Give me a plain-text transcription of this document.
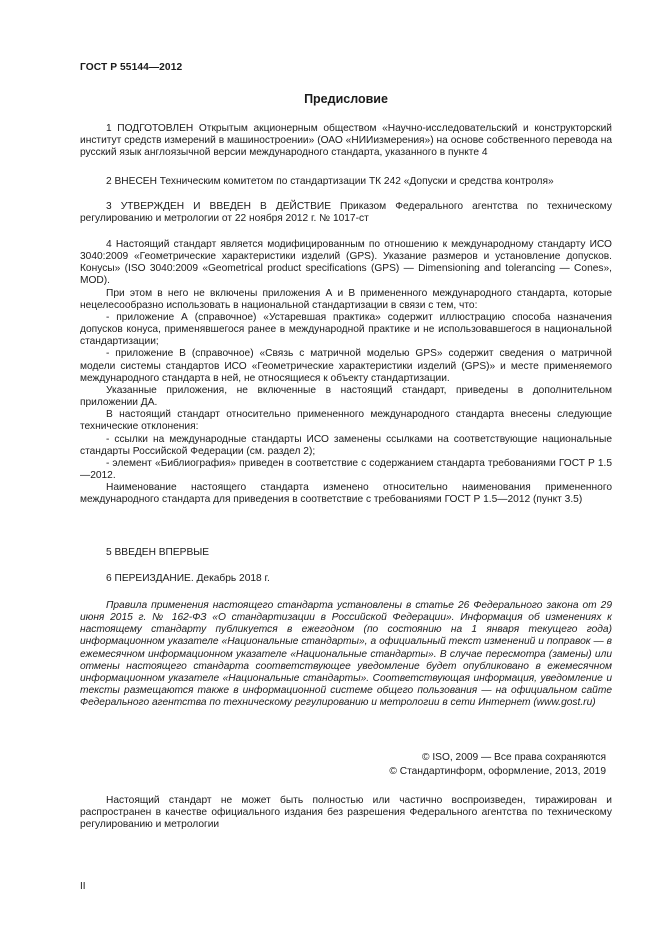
ГОСТ Р 55144—2012
Предисловие

1 ПОДГОТОВЛЕН Открытым акционерным обществом «Научно-исследовательский и конструкторский институт средств измерений в машиностроении» (ОАО «НИИизмерения») на основе собственного перевода на русский язык англоязычной версии международного стандарта, указанного в пункте 4

2 ВНЕСЕН Техническим комитетом по стандартизации ТК 242 «Допуски и средства контроля»

3 УТВЕРЖДЕН И ВВЕДЕН В ДЕЙСТВИЕ Приказом Федерального агентства по техническому регулированию и метрологии от 22 ноября 2012 г. № 1017-ст

4 Настоящий стандарт является модифицированным по отношению к международному стандарту ИСО 3040:2009 «Геометрические характеристики изделий (GPS). Указание размеров и установление допусков. Конусы» (ISO 3040:2009 «Geometrical product specifications (GPS) — Dimensioning and tolerancing — Cones», MOD).

При этом в него не включены приложения А и В примененного международного стандарта, которые нецелесообразно использовать в национальной стандартизации в связи с тем, что:

- приложение А (справочное) «Устаревшая практика» содержит иллюстрацию способа назначения допусков конуса, применявшегося ранее в международной практике и не использовавшегося в национальной стандартизации;

- приложение В (справочное) «Связь с матричной моделью GPS» содержит сведения о матричной модели системы стандартов ИСО «Геометрические характеристики изделий (GPS)» и месте применяемого международного стандарта в ней, не относящиеся к объекту стандартизации.

Указанные приложения, не включенные в настоящий стандарт, приведены в дополнительном приложении ДА.

В настоящий стандарт относительно примененного международного стандарта внесены следующие технические отклонения:

- ссылки на международные стандарты ИСО заменены ссылками на соответствующие национальные стандарты Российской Федерации (см. раздел 2);

- элемент «Библиография» приведен в соответствие с содержанием стандарта требованиями ГОСТ Р 1.5—2012.

Наименование настоящего стандарта изменено относительно наименования примененного международного стандарта для приведения в соответствие с требованиями ГОСТ Р 1.5—2012 (пункт 3.5)

5 ВВЕДЕН ВПЕРВЫЕ

6 ПЕРЕИЗДАНИЕ. Декабрь 2018 г.

Правила применения настоящего стандарта установлены в статье 26 Федерального закона от 29 июня 2015 г. № 162-ФЗ «О стандартизации в Российской Федерации». Информация об изменениях к настоящему стандарту публикуется в ежегодном (по состоянию на 1 января текущего года) информационном указателе «Национальные стандарты», а официальный текст изменений и поправок — в ежемесячном информационном указателе «Национальные стандарты». В случае пересмотра (замены) или отмены настоящего стандарта соответствующее уведомление будет опубликовано в ежемесячном информационном указателе «Национальные стандарты». Соответствующая информация, уведомление и тексты размещаются также в информационной системе общего пользования — на официальном сайте Федерального агентства по техническому регулированию и метрологии в сети Интернет (www.gost.ru)

© ISO, 2009 — Все права сохраняются

© Стандартинформ, оформление, 2013, 2019

Настоящий стандарт не может быть полностью или частично воспроизведен, тиражирован и распространен в качестве официального издания без разрешения Федерального агентства по техническому регулированию и метрологии

II
